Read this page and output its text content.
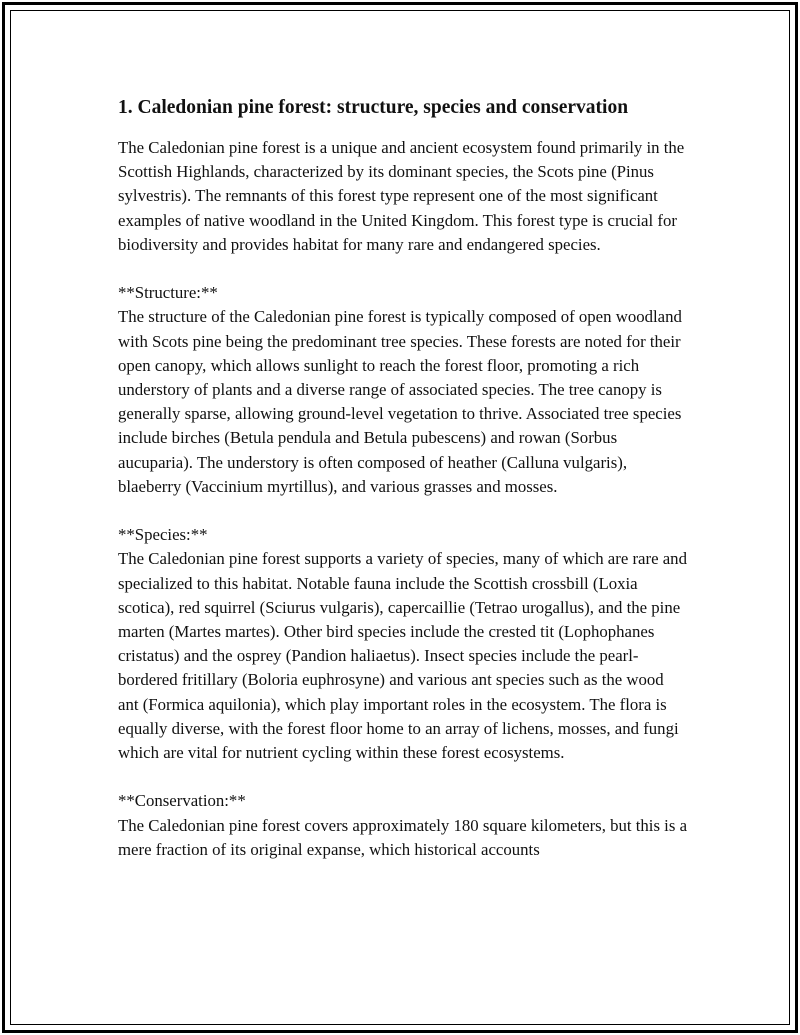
1. Caledonian pine forest: structure, species and conservation
The Caledonian pine forest is a unique and ancient ecosystem found primarily in the Scottish Highlands, characterized by its dominant species, the Scots pine (Pinus sylvestris). The remnants of this forest type represent one of the most significant examples of native woodland in the United Kingdom. This forest type is crucial for biodiversity and provides habitat for many rare and endangered species.
**Structure:**
The structure of the Caledonian pine forest is typically composed of open woodland with Scots pine being the predominant tree species. These forests are noted for their open canopy, which allows sunlight to reach the forest floor, promoting a rich understory of plants and a diverse range of associated species. The tree canopy is generally sparse, allowing ground-level vegetation to thrive. Associated tree species include birches (Betula pendula and Betula pubescens) and rowan (Sorbus aucuparia). The understory is often composed of heather (Calluna vulgaris), blaeberry (Vaccinium myrtillus), and various grasses and mosses.
**Species:**
The Caledonian pine forest supports a variety of species, many of which are rare and specialized to this habitat. Notable fauna include the Scottish crossbill (Loxia scotica), red squirrel (Sciurus vulgaris), capercaillie (Tetrao urogallus), and the pine marten (Martes martes). Other bird species include the crested tit (Lophophanes cristatus) and the osprey (Pandion haliaetus). Insect species include the pearl-bordered fritillary (Boloria euphrosyne) and various ant species such as the wood ant (Formica aquilonia), which play important roles in the ecosystem. The flora is equally diverse, with the forest floor home to an array of lichens, mosses, and fungi which are vital for nutrient cycling within these forest ecosystems.
**Conservation:**
The Caledonian pine forest covers approximately 180 square kilometers, but this is a mere fraction of its original expanse, which historical accounts
